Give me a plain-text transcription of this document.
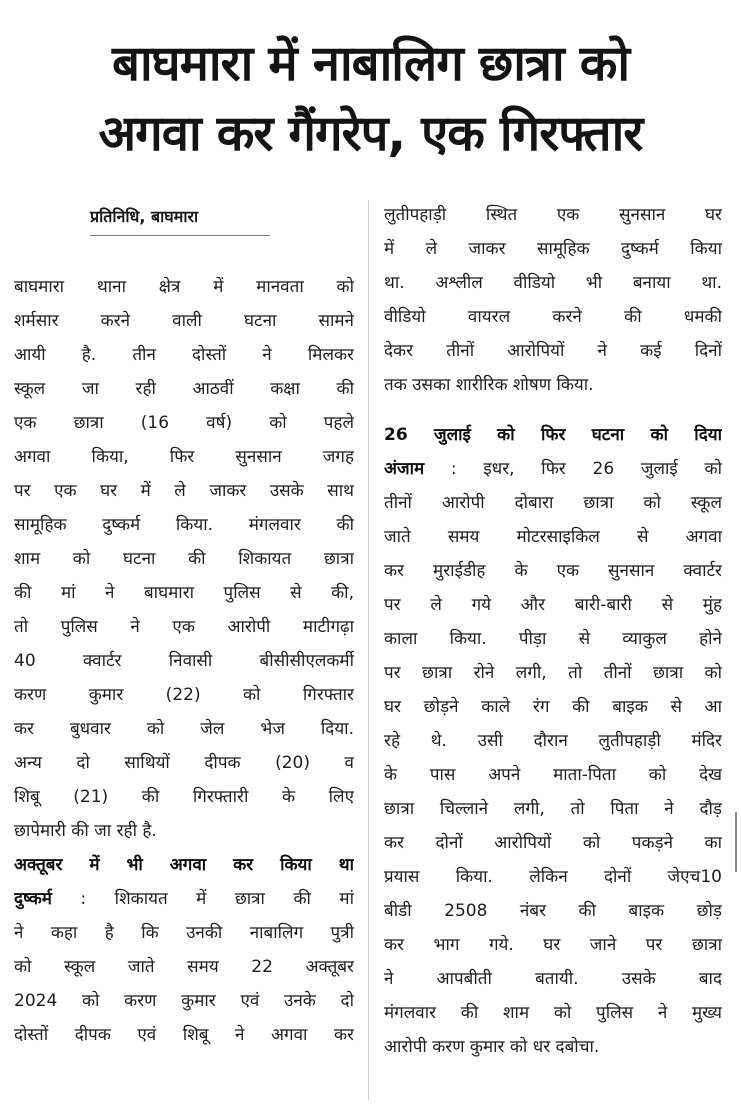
बाघमारा में नाबालिग छात्रा को
अगवा कर गैंगरेप, एक गिरफ्तार
प्रतिनिधि, बाघमारा
बाघमारा थाना क्षेत्र में मानवता को
शर्मसार करने वाली घटना सामने
आयी है. तीन दोस्तों ने मिलकर
स्कूल जा रही आठवीं कक्षा की
एक छात्रा (16 वर्ष) को पहले
अगवा किया, फिर सुनसान जगह
पर एक घर में ले जाकर उसके साथ
सामूहिक दुष्कर्म किया. मंगलवार की
शाम को घटना की शिकायत छात्रा
की मां ने बाघमारा पुलिस से की,
तो पुलिस ने एक आरोपी माटीगढ़ा
40 क्वार्टर निवासी बीसीसीएलकर्मी
करण कुमार (22) को गिरफ्तार
कर बुधवार को जेल भेज दिया.
अन्य दो साथियों दीपक (20) व
शिबू (21) की गिरफ्तारी के लिए
छापेमारी की जा रही है.
अक्तूबर में भी अगवा कर किया था
दुष्कर्म : शिकायत में छात्रा की मां
ने कहा है कि उनकी नाबालिग पुत्री
को स्कूल जाते समय 22 अक्तूबर
2024 को करण कुमार एवं उनके दो
दोस्तों दीपक एवं शिबू ने अगवा कर
लुतीपहाड़ी स्थित एक सुनसान घर
में ले जाकर सामूहिक दुष्कर्म किया
था. अश्लील वीडियो भी बनाया था.
वीडियो वायरल करने की धमकी
देकर तीनों आरोपियों ने कई दिनों
तक उसका शारीरिक शोषण किया.
26 जुलाई को फिर घटना को दिया
अंजाम : इधर, फिर 26 जुलाई को
तीनों आरोपी दोबारा छात्रा को स्कूल
जाते समय मोटरसाइकिल से अगवा
कर मुराईडीह के एक सुनसान क्वार्टर
पर ले गये और बारी-बारी से मुंह
काला किया. पीड़ा से व्याकुल होने
पर छात्रा रोने लगी, तो तीनों छात्रा को
घर छोड़ने काले रंग की बाइक से आ
रहे थे. उसी दौरान लुतीपहाड़ी मंदिर
के पास अपने माता-पिता को देख
छात्रा चिल्लाने लगी, तो पिता ने दौड़
कर दोनों आरोपियों को पकड़ने का
प्रयास किया. लेकिन दोनों जेएच10
बीडी 2508 नंबर की बाइक छोड़
कर भाग गये. घर जाने पर छात्रा
ने आपबीती बतायी. उसके बाद
मंगलवार की शाम को पुलिस ने मुख्य
आरोपी करण कुमार को धर दबोचा.
